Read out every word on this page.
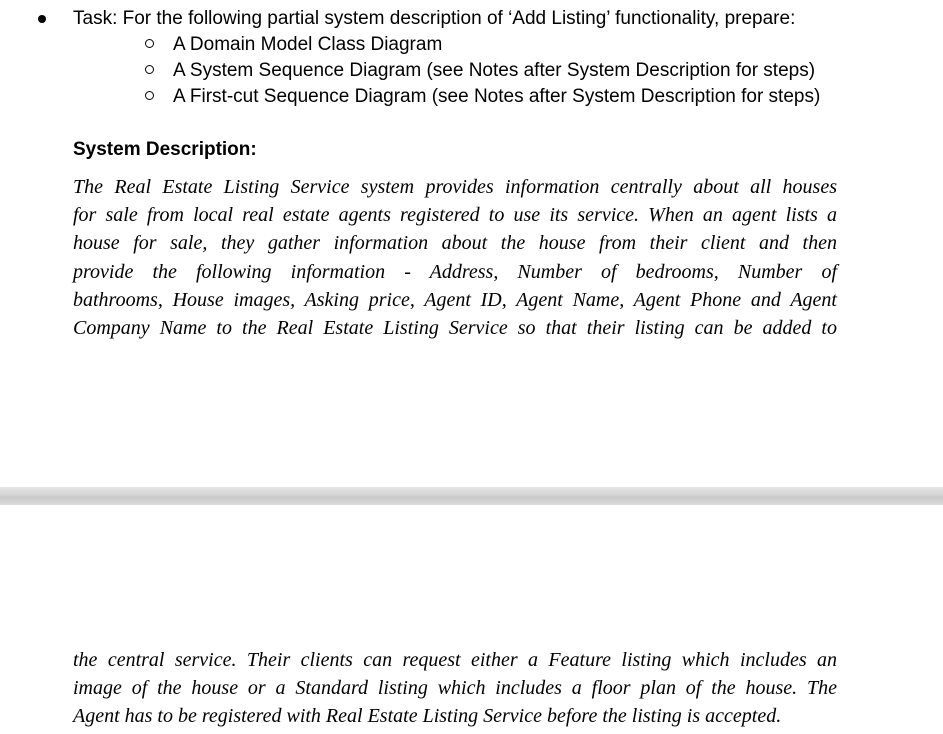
Task: For the following partial system description of ‘Add Listing’ functionality, prepare:
A Domain Model Class Diagram
A System Sequence Diagram (see Notes after System Description for steps)
A First-cut Sequence Diagram (see Notes after System Description for steps)
System Description:
The Real Estate Listing Service system provides information centrally about all houses
for sale from local real estate agents registered to use its service. When an agent lists a
house for sale, they gather information about the house from their client and then
provide the following information - Address, Number of bedrooms, Number of
bathrooms, House images, Asking price, Agent ID, Agent Name, Agent Phone and Agent
Company Name to the Real Estate Listing Service so that their listing can be added to
the central service. Their clients can request either a Feature listing which includes an
image of the house or a Standard listing which includes a floor plan of the house. The
Agent has to be registered with Real Estate Listing Service before the listing is accepted.
